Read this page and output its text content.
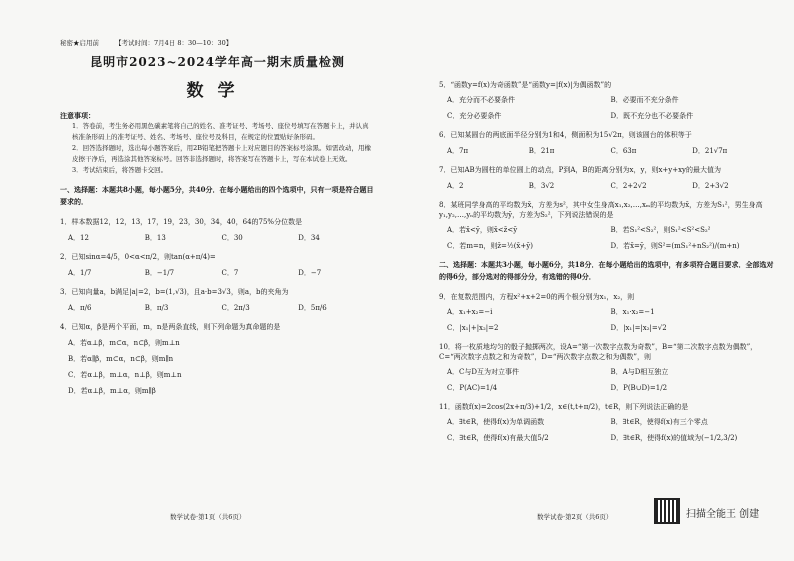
秘密★启用前 【考试时间：7月4日 8：30—10：30】
昆明市2023~2024学年高一期末质量检测
数学
注意事项：

1．答卷前，考生务必用黑色碳素笔将自己的姓名、准考证号、考场号、座位号填写在答题卡上，并认真核准条形码上的准考证号、姓名、考场号、座位号及科目，在规定的位置贴好条形码。

2．回答选择题时，选出每小题答案后，用2B铅笔把答题卡上对应题目的答案标号涂黑。如需改动，用橡皮擦干净后，再选涂其他答案标号。回答非选择题时，将答案写在答题卡上，写在本试卷上无效。

3．考试结束后，将答题卡交回。

一、选择题：本题共8小题，每小题5分，共40分．在每小题给出的四个选项中，只有一项是符合题目要求的．
1．样本数据12，12，13，17，19，23，30，34，40，64的75%分位数是
A．12	B．13	C．30	D．34
2．已知sinα=4/5，0<α<π/2，则tan(α+π/4)=
A．1/7	B．−1/7	C．7	D．−7
3．已知向量a，b满足|a|=2，b=(1,√3)，且a·b=3√3，则a，b的夹角为
A．π/6	B．π/3	C．2π/3	D．5π/6
4．已知α，β是两个平面，m，n是两条直线，则下列命题为真命题的是
A．若α⊥β，m⊂α，n⊂β，则m⊥n
B．若α∥β，m⊂α，n⊂β，则m∥n
C．若α⊥β，m⊥α，n⊥β，则m⊥n
D．若α⊥β，m⊥α，则m∥β
数学试卷·第1页（共6页）
5．“函数y=f(x)为奇函数”是“函数y=|f(x)|为偶函数”的
A．充分而不必要条件	B．必要而不充分条件
C．充分必要条件	D．既不充分也不必要条件
6．已知某圆台的两底面半径分别为1和4，侧面积为15√2π，则该圆台的体积等于
A．7π	B．21π	C．63π	D．21√7π
7．已知AB为圆柱的单位圆上的动点，P到A，B的距离分别为x，y，则x+y+xy的最大值为
A．2	B．3√2	C．2+2√2	D．2+3√2
8．某班同学身高的平均数为x̄，方差为s²，其中女生身高x₁,x₂,…,xₘ的平均数为x̄，方差为S₁²，男生身高y₁,y₂,…,yₙ的平均数为ȳ，方差为S₂²，下列说法错误的是
A．若x̄<ȳ，则x̄<z̄<ȳ	B．若S₁²<S₂²，则S₁²<S²<S₂²
C．若m=n，则z̄=½(x̄+ȳ)	D．若x̄=ȳ，则S²=(mS₁²+nS₂²)/(m+n)
二、选择题：本题共3小题，每小题6分，共18分．在每小题给出的选项中，有多项符合题目要求．全部选对的得6分，部分选对的得部分分，有选错的得0分．
9．在复数范围内，方程x²+x+2=0的两个根分别为x₁，x₂，则
A．x₁+x₂=−i	B．x₁·x₂=−1
C．|x₁|+|x₂|=2	D．|x₁|=|x₂|=√2
10．将一枚质地均匀的骰子抛掷两次，设A=“第一次数字点数为奇数”，B=“第二次数字点数为偶数”，C=“两次数字点数之和为奇数”，D=“两次数字点数之和为偶数”，则
A．C与D互为对立事件	B．A与D相互独立
C．P(AC)=1/4	D．P(B∪D)=1/2
11．函数f(x)=2cos(2x+π/3)+1/2，x∈(t,t+π/2)，t∈R，则下列说法正确的是
A．∃t∈R，使得f(x)为单调函数	B．∃t∈R，使得f(x)有三个零点
C．∃t∈R，使得f(x)有最大值5/2	D．∃t∈R，使得f(x)的值域为(−1/2,3/2)
数学试卷·第2页（共6页）	扫描全能王 创建
